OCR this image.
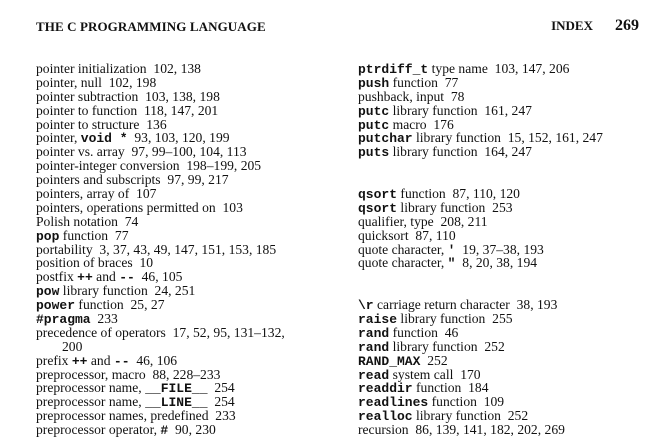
THE C PROGRAMMING LANGUAGE	INDEX 269
pointer initialization  102, 138
pointer, null  102, 198
pointer subtraction  103, 138, 198
pointer to function  118, 147, 201
pointer to structure  136
pointer, void *  93, 103, 120, 199
pointer vs. array  97, 99–100, 104, 113
pointer-integer conversion  198–199, 205
pointers and subscripts  97, 99, 217
pointers, array of  107
pointers, operations permitted on  103
Polish notation  74
pop function  77
portability  3, 37, 43, 49, 147, 151, 153, 185
position of braces  10
postfix ++ and --  46, 105
pow library function  24, 251
power function  25, 27
#pragma  233
precedence of operators  17, 52, 95, 131–132,
200
prefix ++ and --  46, 106
preprocessor, macro  88, 228–233
preprocessor name, __FILE__  254
preprocessor name, __LINE__  254
preprocessor names, predefined  233
preprocessor operator, #  90, 230
ptrdiff_t type name  103, 147, 206
push function  77
pushback, input  78
putc library function  161, 247
putc macro  176
putchar library function  15, 152, 161, 247
puts library function  164, 247
qsort function  87, 110, 120
qsort library function  253
qualifier, type  208, 211
quicksort  87, 110
quote character, '  19, 37–38, 193
quote character, "  8, 20, 38, 194
\r carriage return character  38, 193
raise library function  255
rand function  46
rand library function  252
RAND_MAX  252
read system call  170
readdir function  184
readlines function  109
realloc library function  252
recursion  86, 139, 141, 182, 202, 269
